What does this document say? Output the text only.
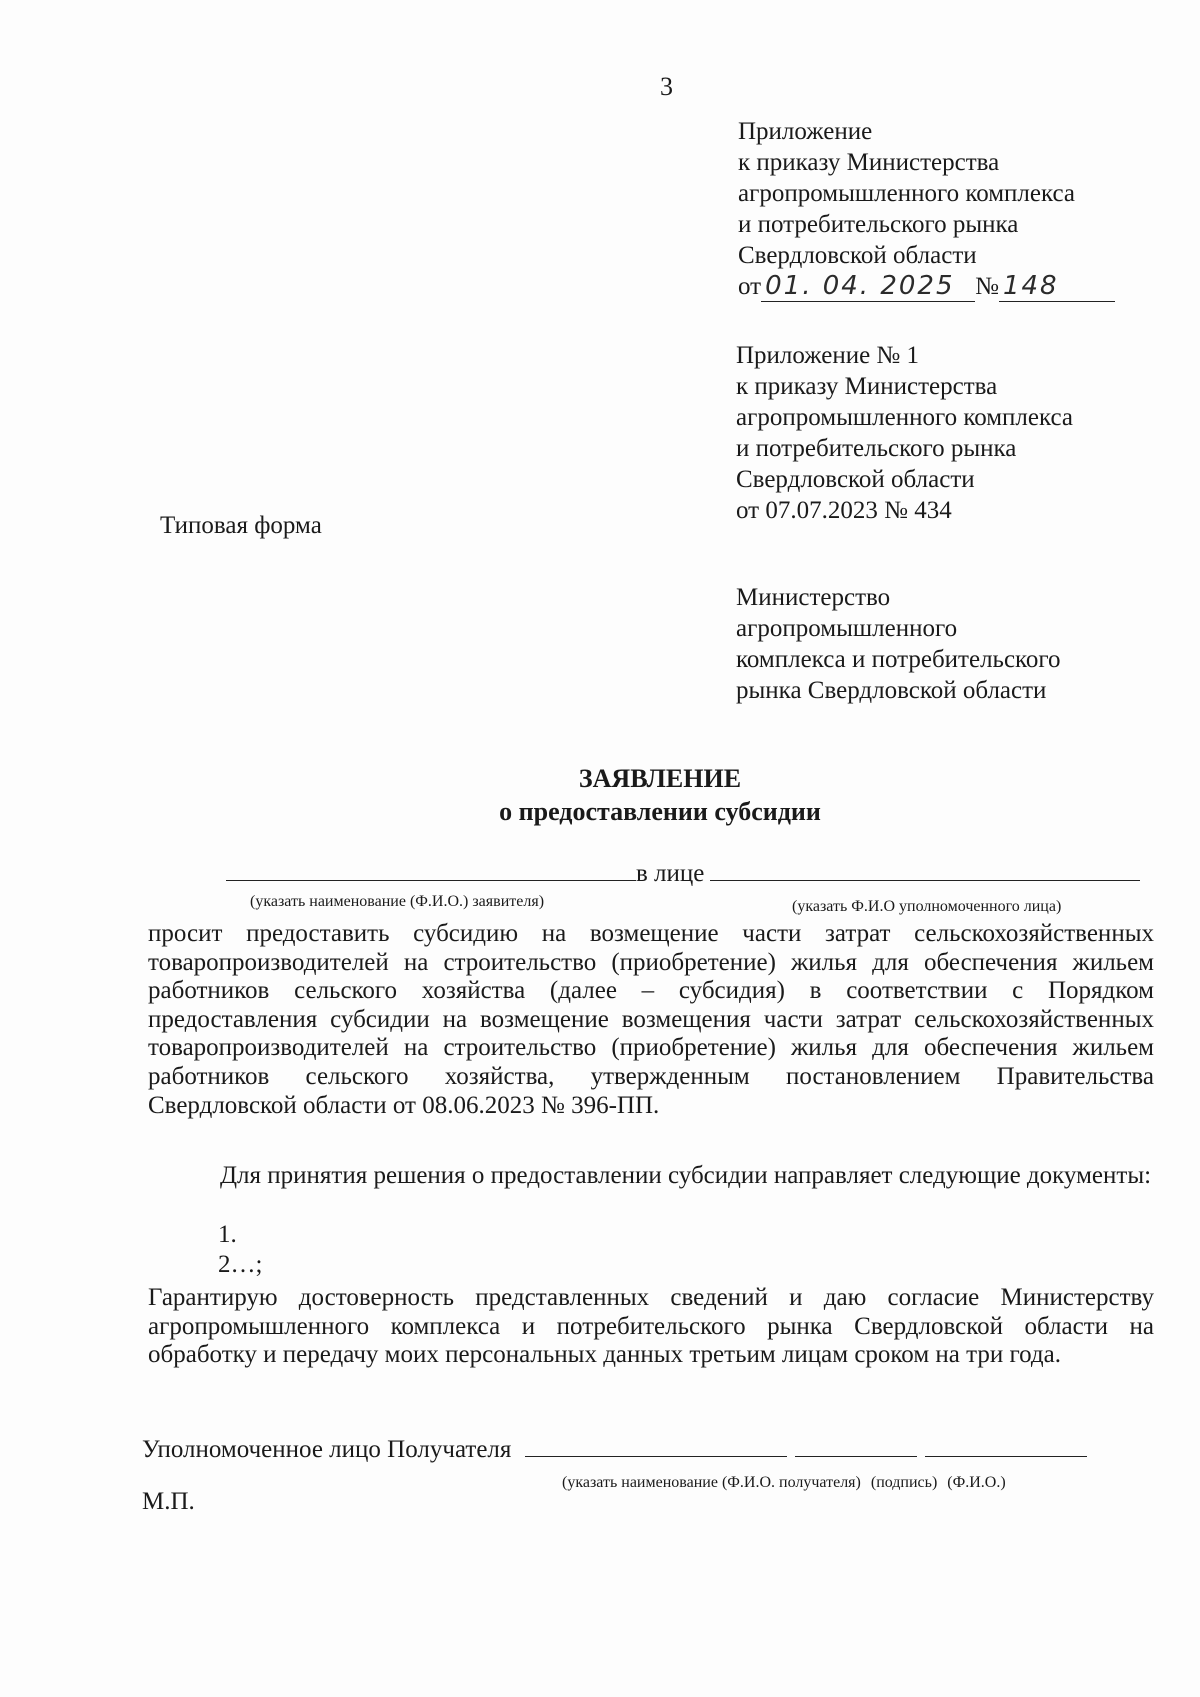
3
Приложение
к приказу Министерства
агропромышленного комплекса
и потребительского рынка
Свердловской области
от 01. 04. 2025 № 148
Приложение № 1
к приказу Министерства
агропромышленного комплекса
и потребительского рынка
Свердловской области
от 07.07.2023 № 434
Типовая форма
Министерство
агропромышленного
комплекса и потребительского
рынка Свердловской области
ЗАЯВЛЕНИЕ
о предоставлении субсидии
в лице
(указать наименование (Ф.И.О.) заявителя)	(указать Ф.И.О уполномоченного лица)
просит предоставить субсидию на возмещение части затрат сельскохозяйственных товаропроизводителей на строительство (приобретение) жилья для обеспечения жильем работников сельского хозяйства (далее – субсидия) в соответствии с Порядком предоставления субсидии на возмещение возмещения части затрат сельскохозяйственных товаропроизводителей на строительство (приобретение) жилья для обеспечения жильем работников сельского хозяйства, утвержденным постановлением Правительства Свердловской области от 08.06.2023 № 396-ПП.
Для принятия решения о предоставлении субсидии направляет следующие документы:
1.
2…;
Гарантирую достоверность представленных сведений и даю согласие Министерству агропромышленного комплекса и потребительского рынка Свердловской области на обработку и передачу моих персональных данных третьим лицам сроком на три года.
Уполномоченное лицо Получателя
(указать наименование (Ф.И.О. получателя) (подпись) (Ф.И.О.)
М.П.
